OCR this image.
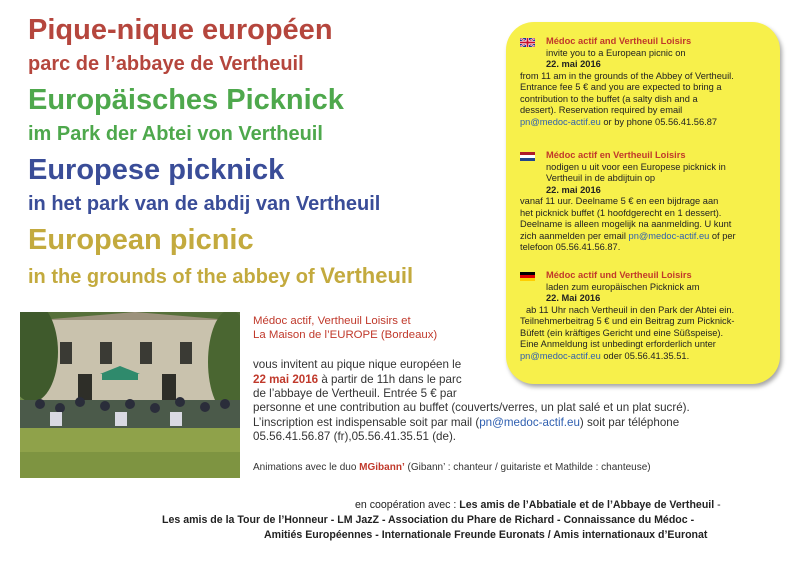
Pique-nique européen
parc de l’abbaye de Vertheuil
Europäisches Picknick
im Park der Abtei von Vertheuil
Europese picknick
in het park van de abdij van Vertheuil
European picnic
in the grounds of the abbey of Vertheuil
Médoc actif and Vertheuil Loisirs
invite you to a European picnic on
22. mai 2016
from 11 am in the grounds of the Abbey of Vertheuil.
Entrance fee 5 € and you are expected to bring a
contribution to the buffet (a salty dish and a
dessert). Reservation required by email
pn@medoc-actif.eu or by phone 05.56.41.56.87
Médoc actif en Vertheuil Loisirs
nodigen u uit voor een Europese picknick in
Vertheuil in de abdijtuin op
22. mai 2016
vanaf 11 uur. Deelname 5 € en een bijdrage aan
het picknick buffet (1 hoofdgerecht en 1 dessert).
Deelname is alleen mogelijk na aanmelding. U kunt
zich aanmelden per email pn@medoc-actif.eu of per
telefoon 05.56.41.56.87.
Médoc actif und Vertheuil Loisirs
laden zum europäischen Picknick am
22. Mai 2016
ab 11 Uhr nach Vertheuil in den Park der Abtei ein.
Teilnehmerbeitrag 5 € und ein Beitrag zum Picknick-
Büfett (ein kräftiges Gericht und eine Süßspeise).
Eine Anmeldung ist unbedingt erforderlich unter
pn@medoc-actif.eu oder 05.56.41.35.51.
Médoc actif, Vertheuil Loisirs et
La Maison de l’EUROPE (Bordeaux)
vous invitent au pique nique européen le
22 mai 2016 à partir de 11h dans le parc
de l’abbaye de Vertheuil. Entrée 5 € par
personne et une contribution au buffet (couverts/verres, un plat salé et un plat sucré).
L’inscription est indispensable soit par mail (pn@medoc-actif.eu) soit par téléphone
05.56.41.56.87 (fr),05.56.41.35.51 (de).
Animations avec le duo MGibann’ (Gibann’ : chanteur / guitariste et Mathilde : chanteuse)
en coopération avec : Les amis de l’Abbatiale et de l’Abbaye de Vertheuil -
Les amis de la Tour de l’Honneur - LM JazZ - Association du Phare de Richard - Connaissance du Médoc -
Amitiés Européennes - Internationale Freunde Euronats / Amis internationaux d’Euronat
